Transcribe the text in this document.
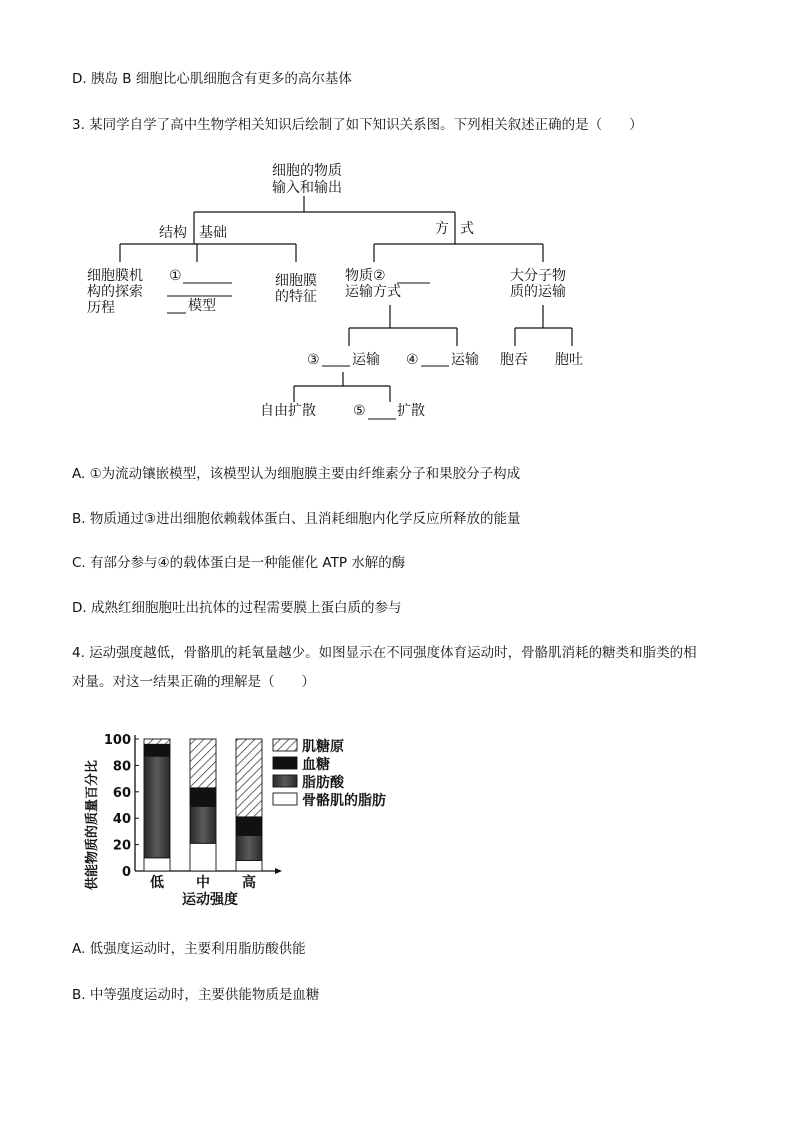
D. 胰岛 B 细胞比心肌细胞含有更多的高尔基体
3. 某同学自学了高中生物学相关知识后绘制了如下知识关系图。下列相关叙述正确的是（　　）
细胞的物质
输入和输出
结构 基础	方 式
细胞膜机
构的探索
历程
①
模型
细胞膜
的特征
物质②
运输方式
大分子物
质的运输
③ 运输 ④ 运输 胞吞 胞吐
自由扩散	⑤ 扩散
A. ①为流动镶嵌模型，该模型认为细胞膜主要由纤维素分子和果胶分子构成
B. 物质通过③进出细胞依赖载体蛋白、且消耗细胞内化学反应所释放的能量
C. 有部分参与④的载体蛋白是一种能催化 ATP 水解的酶
D. 成熟红细胞胞吐出抗体的过程需要膜上蛋白质的参与
4. 运动强度越低，骨骼肌的耗氧量越少。如图显示在不同强度体育运动时，骨骼肌消耗的糖类和脂类的相
对量。对这一结果正确的理解是（　　）
供能物质的质量百分比 0
20
40
60
80
100
低 中 高
运动强度
肌糖原
血糖
脂肪酸
骨骼肌的脂肪
A. 低强度运动时，主要利用脂肪酸供能
B. 中等强度运动时，主要供能物质是血糖
